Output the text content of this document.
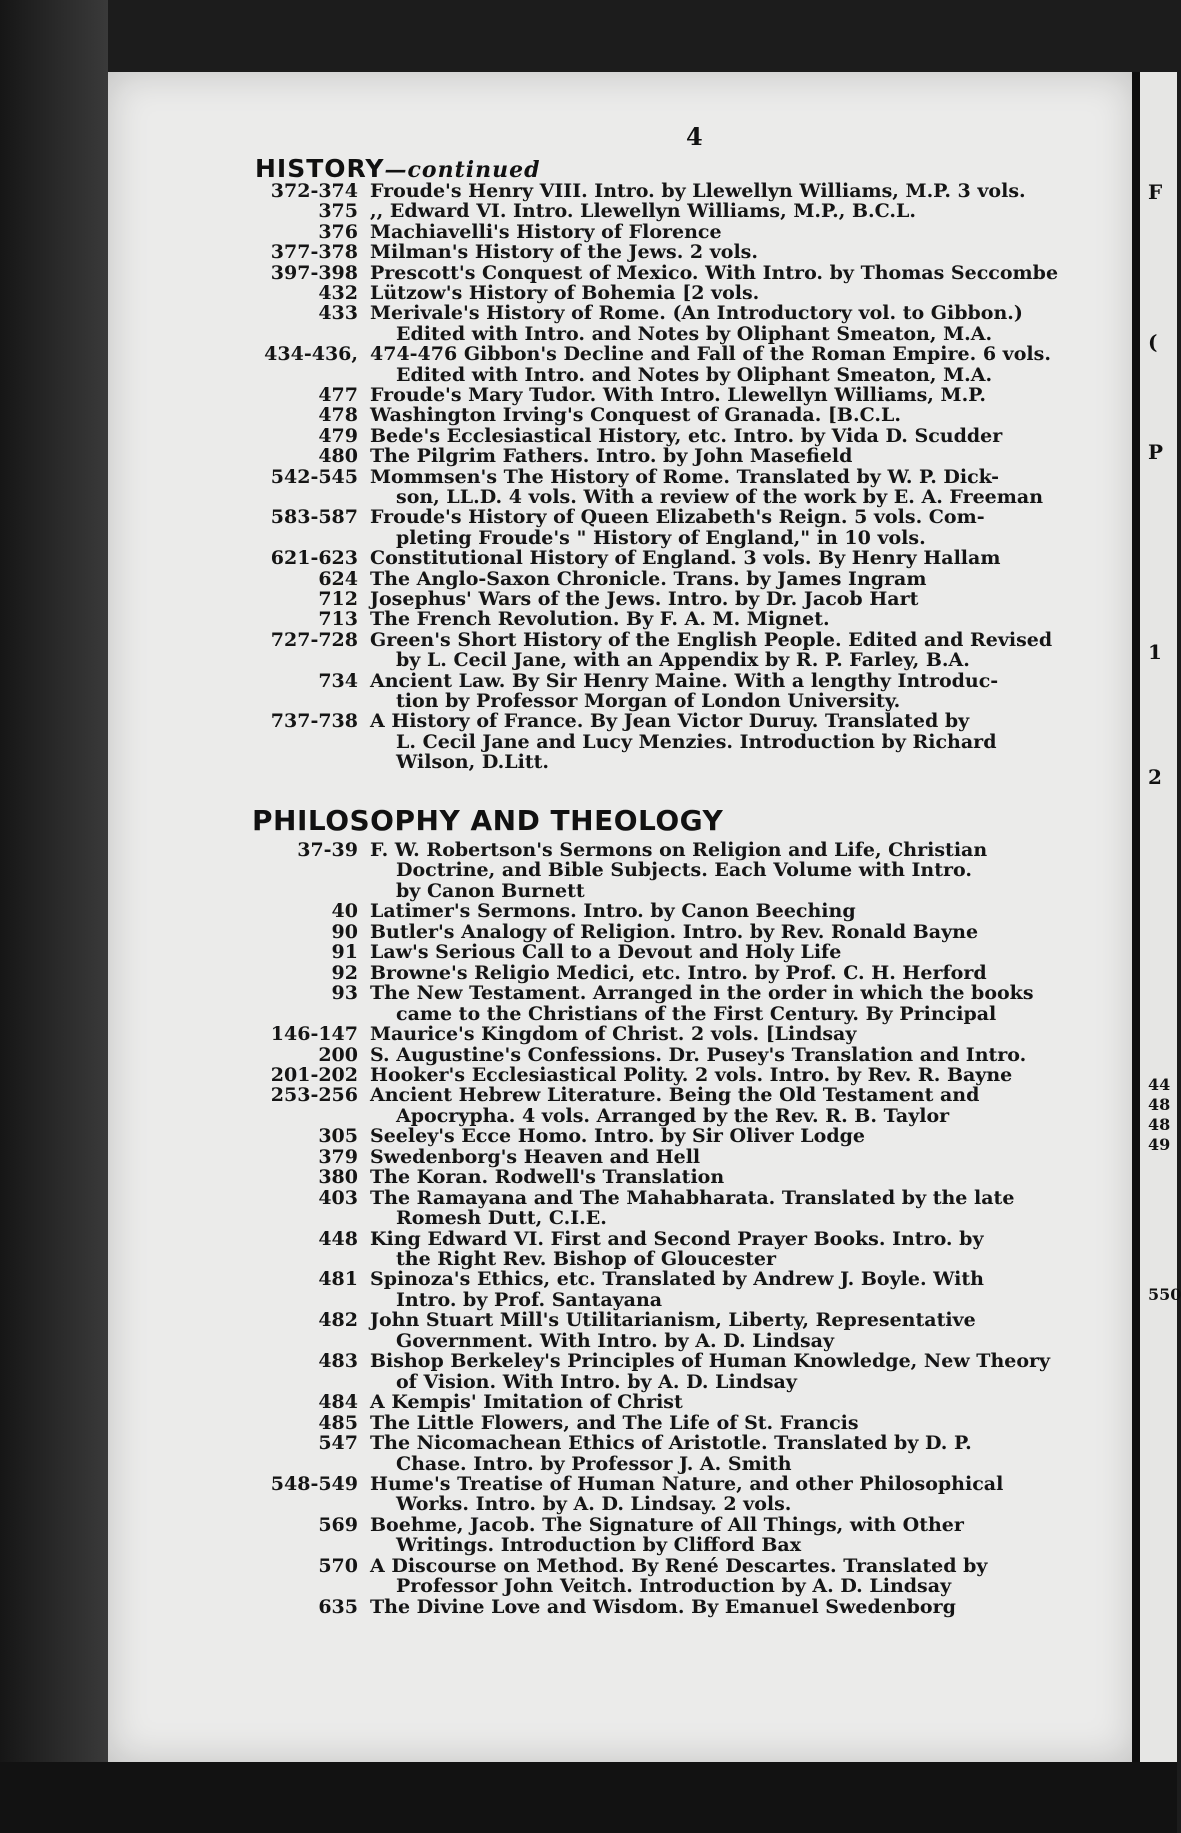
4
HISTORY—continued
372-374 Froude's Henry VIII. Intro. by Llewellyn Williams, M.P. 3 vols.
375 ,, Edward VI. Intro. Llewellyn Williams, M.P., B.C.L.
376 Machiavelli's History of Florence
377-378 Milman's History of the Jews. 2 vols.
397-398 Prescott's Conquest of Mexico. With Intro. by Thomas Seccombe
432 Lützow's History of Bohemia [2 vols.
433 Merivale's History of Rome. (An Introductory vol. to Gibbon.)
Edited with Intro. and Notes by Oliphant Smeaton, M.A.
434-436, 474-476 Gibbon's Decline and Fall of the Roman Empire. 6 vols.
Edited with Intro. and Notes by Oliphant Smeaton, M.A.
477 Froude's Mary Tudor. With Intro. Llewellyn Williams, M.P.
478 Washington Irving's Conquest of Granada. [B.C.L.
479 Bede's Ecclesiastical History, etc. Intro. by Vida D. Scudder
480 The Pilgrim Fathers. Intro. by John Masefield
542-545 Mommsen's The History of Rome. Translated by W. P. Dick-
son, LL.D. 4 vols. With a review of the work by E. A. Freeman
583-587 Froude's History of Queen Elizabeth's Reign. 5 vols. Com-
pleting Froude's " History of England," in 10 vols.
621-623 Constitutional History of England. 3 vols. By Henry Hallam
624 The Anglo-Saxon Chronicle. Trans. by James Ingram
712 Josephus' Wars of the Jews. Intro. by Dr. Jacob Hart
713 The French Revolution. By F. A. M. Mignet.
727-728 Green's Short History of the English People. Edited and Revised
by L. Cecil Jane, with an Appendix by R. P. Farley, B.A.
734 Ancient Law. By Sir Henry Maine. With a lengthy Introduc-
tion by Professor Morgan of London University.
737-738 A History of France. By Jean Victor Duruy. Translated by
L. Cecil Jane and Lucy Menzies. Introduction by Richard
Wilson, D.Litt.
PHILOSOPHY AND THEOLOGY
37-39 F. W. Robertson's Sermons on Religion and Life, Christian
Doctrine, and Bible Subjects. Each Volume with Intro.
by Canon Burnett
40 Latimer's Sermons. Intro. by Canon Beeching
90 Butler's Analogy of Religion. Intro. by Rev. Ronald Bayne
91 Law's Serious Call to a Devout and Holy Life
92 Browne's Religio Medici, etc. Intro. by Prof. C. H. Herford
93 The New Testament. Arranged in the order in which the books
came to the Christians of the First Century. By Principal
146-147 Maurice's Kingdom of Christ. 2 vols. [Lindsay
200 S. Augustine's Confessions. Dr. Pusey's Translation and Intro.
201-202 Hooker's Ecclesiastical Polity. 2 vols. Intro. by Rev. R. Bayne
253-256 Ancient Hebrew Literature. Being the Old Testament and
Apocrypha. 4 vols. Arranged by the Rev. R. B. Taylor
305 Seeley's Ecce Homo. Intro. by Sir Oliver Lodge
379 Swedenborg's Heaven and Hell
380 The Koran. Rodwell's Translation
403 The Ramayana and The Mahabharata. Translated by the late
Romesh Dutt, C.I.E.
448 King Edward VI. First and Second Prayer Books. Intro. by
the Right Rev. Bishop of Gloucester
481 Spinoza's Ethics, etc. Translated by Andrew J. Boyle. With
Intro. by Prof. Santayana
482 John Stuart Mill's Utilitarianism, Liberty, Representative
Government. With Intro. by A. D. Lindsay
483 Bishop Berkeley's Principles of Human Knowledge, New Theory
of Vision. With Intro. by A. D. Lindsay
484 A Kempis' Imitation of Christ
485 The Little Flowers, and The Life of St. Francis
547 The Nicomachean Ethics of Aristotle. Translated by D. P.
Chase. Intro. by Professor J. A. Smith
548-549 Hume's Treatise of Human Nature, and other Philosophical
Works. Intro. by A. D. Lindsay. 2 vols.
569 Boehme, Jacob. The Signature of All Things, with Other
Writings. Introduction by Clifford Bax
570 A Discourse on Method. By René Descartes. Translated by
Professor John Veitch. Introduction by A. D. Lindsay
635 The Divine Love and Wisdom. By Emanuel Swedenborg
F
(
P
1
2
44
48
48
49
550
